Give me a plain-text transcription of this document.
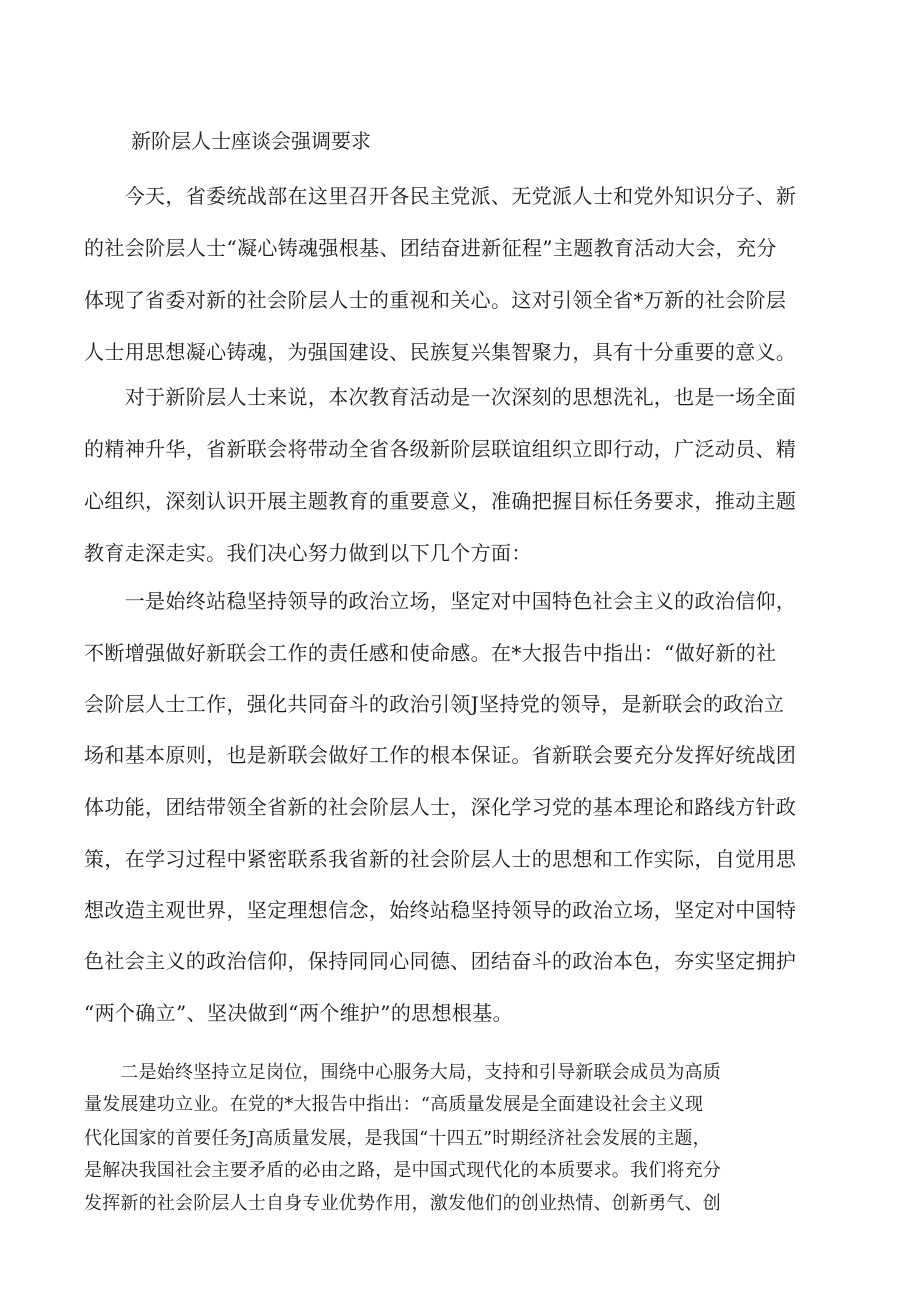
新阶层人士座谈会强调要求
　　今天，省委统战部在这里召开各民主党派、无党派人士和党外知识分子、新
的社会阶层人士“凝心铸魂强根基、团结奋进新征程”主题教育活动大会，充分
体现了省委对新的社会阶层人士的重视和关心。这对引领全省*万新的社会阶层
人士用思想凝心铸魂，为强国建设、民族复兴集智聚力，具有十分重要的意义。
　　对于新阶层人士来说，本次教育活动是一次深刻的思想洗礼，也是一场全面
的精神升华，省新联会将带动全省各级新阶层联谊组织立即行动，广泛动员、精
心组织，深刻认识开展主题教育的重要意义，准确把握目标任务要求，推动主题
教育走深走实。我们决心努力做到以下几个方面：
　　一是始终站稳坚持领导的政治立场，坚定对中国特色社会主义的政治信仰，
不断增强做好新联会工作的责任感和使命感。在*大报告中指出：“做好新的社
会阶层人士工作，强化共同奋斗的政治引领J坚持党的领导，是新联会的政治立
场和基本原则，也是新联会做好工作的根本保证。省新联会要充分发挥好统战团
体功能，团结带领全省新的社会阶层人士，深化学习党的基本理论和路线方针政
策，在学习过程中紧密联系我省新的社会阶层人士的思想和工作实际，自觉用思
想改造主观世界，坚定理想信念，始终站稳坚持领导的政治立场，坚定对中国特
色社会主义的政治信仰，保持同同心同德、团结奋斗的政治本色，夯实坚定拥护
“两个确立”、坚决做到“两个维护”的思想根基。
　　二是始终坚持立足岗位，围绕中心服务大局，支持和引导新联会成员为高质
量发展建功立业。在党的*大报告中指出：“高质量发展是全面建设社会主义现
代化国家的首要任务J高质量发展，是我国“十四五”时期经济社会发展的主题，
是解决我国社会主要矛盾的必由之路，是中国式现代化的本质要求。我们将充分
发挥新的社会阶层人士自身专业优势作用，激发他们的创业热情、创新勇气、创
